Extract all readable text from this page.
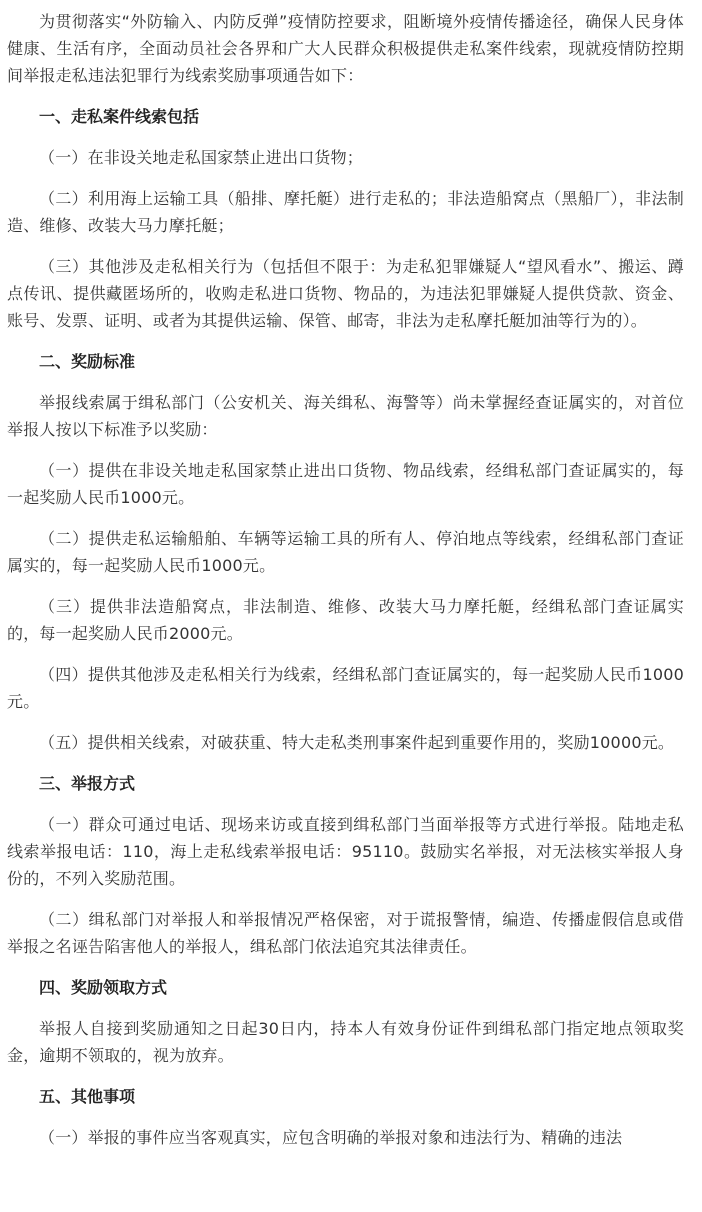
为贯彻落实“外防输入、内防反弹”疫情防控要求，阻断境外疫情传播途径，确保人民身体健康、生活有序，全面动员社会各界和广大人民群众积极提供走私案件线索，现就疫情防控期间举报走私违法犯罪行为线索奖励事项通告如下：

一、走私案件线索包括

（一）在非设关地走私国家禁止进出口货物；

（二）利用海上运输工具（船排、摩托艇）进行走私的；非法造船窝点（黑船厂），非法制造、维修、改装大马力摩托艇；

（三）其他涉及走私相关行为（包括但不限于：为走私犯罪嫌疑人“望风看水”、搬运、蹲点传讯、提供藏匿场所的，收购走私进口货物、物品的，为违法犯罪嫌疑人提供贷款、资金、账号、发票、证明、或者为其提供运输、保管、邮寄，非法为走私摩托艇加油等行为的）。

二、奖励标准

举报线索属于缉私部门（公安机关、海关缉私、海警等）尚未掌握经查证属实的，对首位举报人按以下标准予以奖励：

（一）提供在非设关地走私国家禁止进出口货物、物品线索，经缉私部门查证属实的，每一起奖励人民币1000元。

（二）提供走私运输船舶、车辆等运输工具的所有人、停泊地点等线索，经缉私部门查证属实的，每一起奖励人民币1000元。

（三）提供非法造船窝点，非法制造、维修、改装大马力摩托艇，经缉私部门查证属实的，每一起奖励人民币2000元。

（四）提供其他涉及走私相关行为线索，经缉私部门查证属实的，每一起奖励人民币1000元。

（五）提供相关线索，对破获重、特大走私类刑事案件起到重要作用的，奖励10000元。

三、举报方式

（一）群众可通过电话、现场来访或直接到缉私部门当面举报等方式进行举报。陆地走私线索举报电话：110，海上走私线索举报电话：95110。鼓励实名举报，对无法核实举报人身份的，不列入奖励范围。

（二）缉私部门对举报人和举报情况严格保密，对于谎报警情，编造、传播虚假信息或借举报之名诬告陷害他人的举报人，缉私部门依法追究其法律责任。

四、奖励领取方式

举报人自接到奖励通知之日起30日内，持本人有效身份证件到缉私部门指定地点领取奖金，逾期不领取的，视为放弃。

五、其他事项

（一）举报的事件应当客观真实，应包含明确的举报对象和违法行为、精确的违法
